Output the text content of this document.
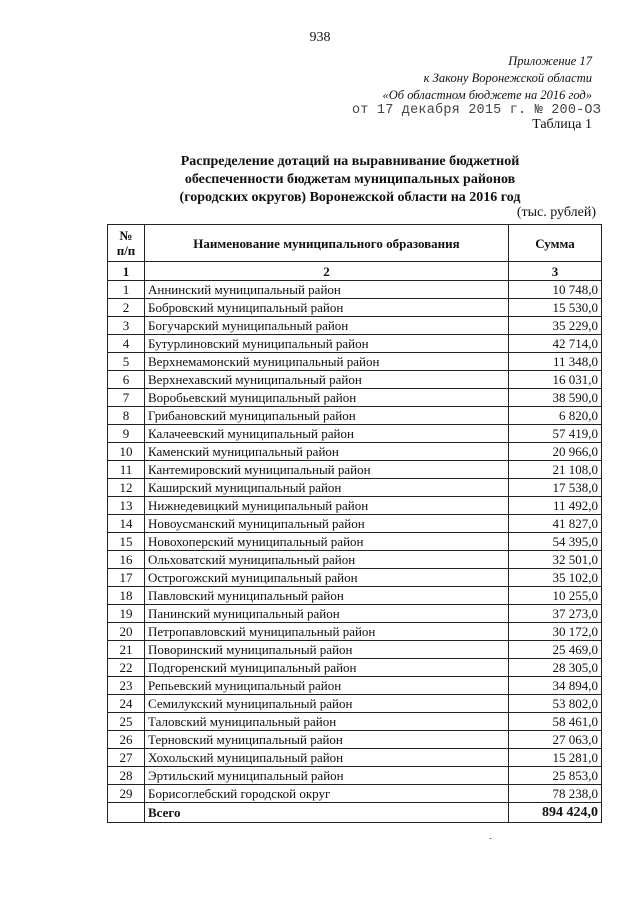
938
Приложение 17
к Закону Воронежской области
«Об областном бюджете на 2016 год»
от 17 декабря 2015 г. № 200-ОЗ
Таблица 1
Распределение дотаций на выравнивание бюджетной
обеспеченности бюджетам муниципальных районов
(городских округов) Воронежской области на 2016 год
(тыс. рублей)
№
п/п	Наименование муниципального образования	Сумма
1	2	3
1	Аннинский муниципальный район	10 748,0
2	Бобровский муниципальный район	15 530,0
3	Богучарский муниципальный район	35 229,0
4	Бутурлиновский муниципальный район	42 714,0
5	Верхнемамонский муниципальный район	11 348,0
6	Верхнехавский муниципальный район	16 031,0
7	Воробьевский муниципальный район	38 590,0
8	Грибановский муниципальный район	6 820,0
9	Калачеевский муниципальный район	57 419,0
10	Каменский муниципальный район	20 966,0
11	Кантемировский муниципальный район	21 108,0
12	Каширский муниципальный район	17 538,0
13	Нижнедевицкий муниципальный район	11 492,0
14	Новоусманский муниципальный район	41 827,0
15	Новохоперский муниципальный район	54 395,0
16	Ольховатский муниципальный район	32 501,0
17	Острогожский муниципальный район	35 102,0
18	Павловский муниципальный район	10 255,0
19	Панинский муниципальный район	37 273,0
20	Петропавловский муниципальный район	30 172,0
21	Поворинский муниципальный район	25 469,0
22	Подгоренский муниципальный район	28 305,0
23	Репьевский муниципальный район	34 894,0
24	Семилукский муниципальный район	53 802,0
25	Таловский муниципальный район	58 461,0
26	Терновский муниципальный район	27 063,0
27	Хохольский муниципальный район	15 281,0
28	Эртильский муниципальный район	25 853,0
29	Борисоглебский городской округ	78 238,0
	Всего	894 424,0
